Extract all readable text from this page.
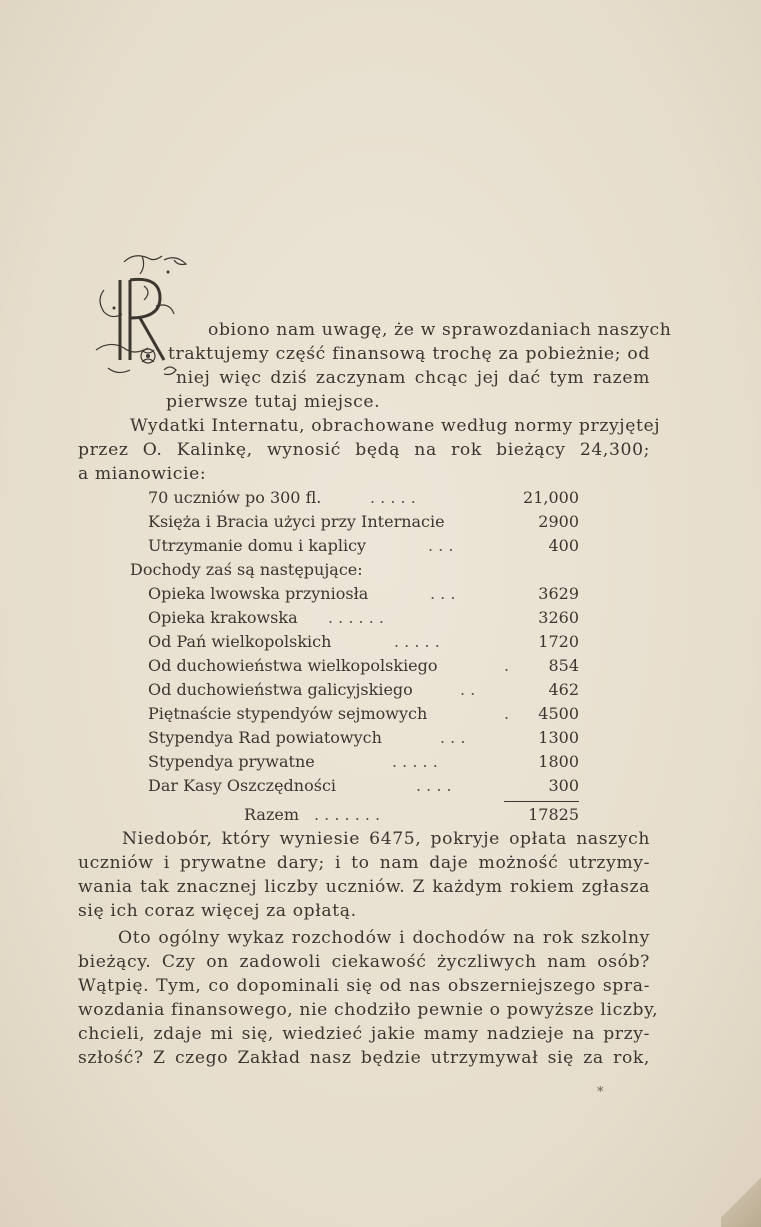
obiono nam uwagę, że w sprawozdaniach naszych
traktujemy część finansową trochę za pobieżnie; od
niej więc dziś zaczynam chcąc jej dać tym razem
pierwsze tutaj miejsce.
Wydatki Internatu, obrachowane według normy przyjętej
przez O. Kalinkę, wynosić będą na rok bieżący 24,300;
a mianowicie:
70 uczniów po 300 fl.	. . . . .	21,000
Księża i Bracia użyci przy Internacie	2900
Utrzymanie domu i kaplicy	. . .	400
Dochody zaś są następujące:
Opieka lwowska przyniosła	. . .	3629
Opieka krakowska . . . . . .	3260
Od Pań wielkopolskich	. . . . .	1720
Od duchowieństwa wielkopolskiego	. 854
Od duchowieństwa galicyjskiego	. .	462
Piętnaście stypendyów sejmowych	. 4500
Stypendya Rad powiatowych	. . .	1300
Stypendya prywatne	. . . . .	1800
Dar Kasy Oszczędności	. . . .	300
Razem . . . . . . .	17825
Niedobór, który wyniesie 6475, pokryje opłata naszych
uczniów i prywatne dary; i to nam daje możność utrzymy-
wania tak znacznej liczby uczniów. Z każdym rokiem zgłasza
się ich coraz więcej za opłatą.
Oto ogólny wykaz rozchodów i dochodów na rok szkolny
bieżący. Czy on zadowoli ciekawość życzliwych nam osób?
Wątpię. Tym, co dopominali się od nas obszerniejszego spra-
wozdania finansowego, nie chodziło pewnie o powyższe liczby,
chcieli, zdaje mi się, wiedzieć jakie mamy nadzieje na przy-
szłość? Z czego Zakład nasz będzie utrzymywał się za rok,
*
